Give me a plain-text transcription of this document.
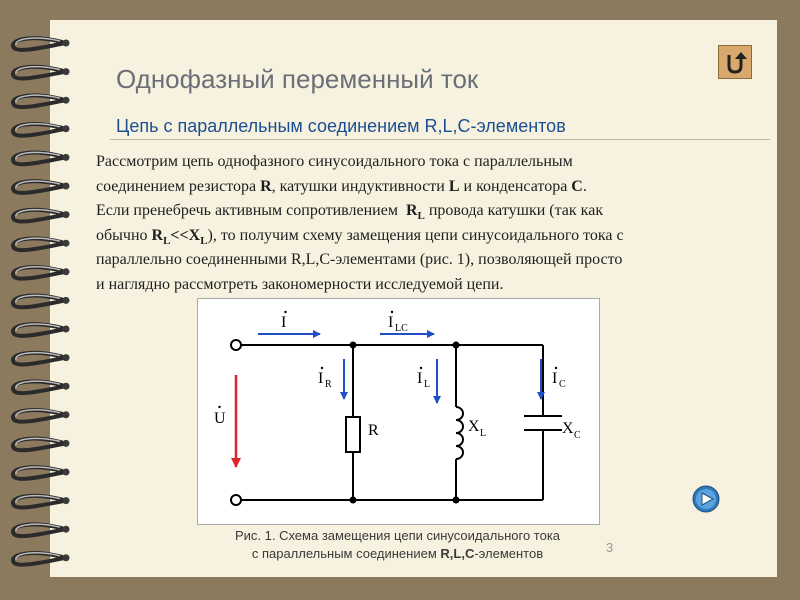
Однофазный переменный ток
Цепь с параллельным соединением R,L,C-элементов
Рассмотрим цепь однофазного синусоидального тока с параллельным
соединением резистора R, катушки индуктивности L и конденсатора C.
Если пренебречь активным сопротивлением  $R_L$ провода катушки (так как
обычно $R_L<<X_L$), то получим схему замещения цепи синусоидального тока с
параллельно соединенными R,L,C-элементами (рис. 1), позволяющей просто
и наглядно рассмотреть закономерности исследуемой цепи.
I	I LC
I R	I L	I C
U
R	X L	X C
Рис. 1. Схема замещения цепи синусоидального тока
с параллельным соединением R,L,C-элементов	3
